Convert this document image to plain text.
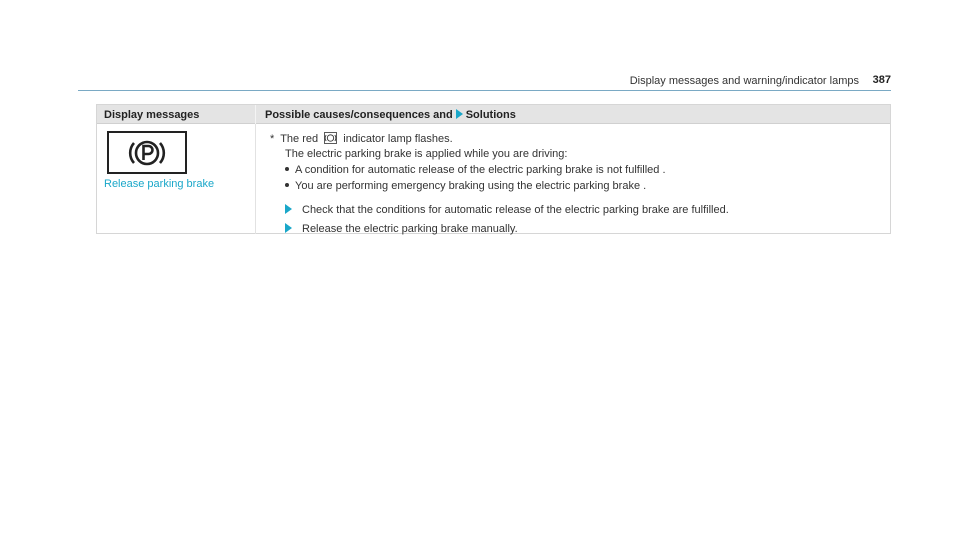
Display messages and warning/indicator lamps 387
Display messages	Possible causes/consequences and Solutions
Release parking brake
* The red indicator lamp flashes.
The electric parking brake is applied while you are driving:
A condition for automatic release of the electric parking brake is not fulfilled .
You are performing emergency braking using the electric parking brake .
Check that the conditions for automatic release of the electric parking brake are fulfilled.
Release the electric parking brake manually.
